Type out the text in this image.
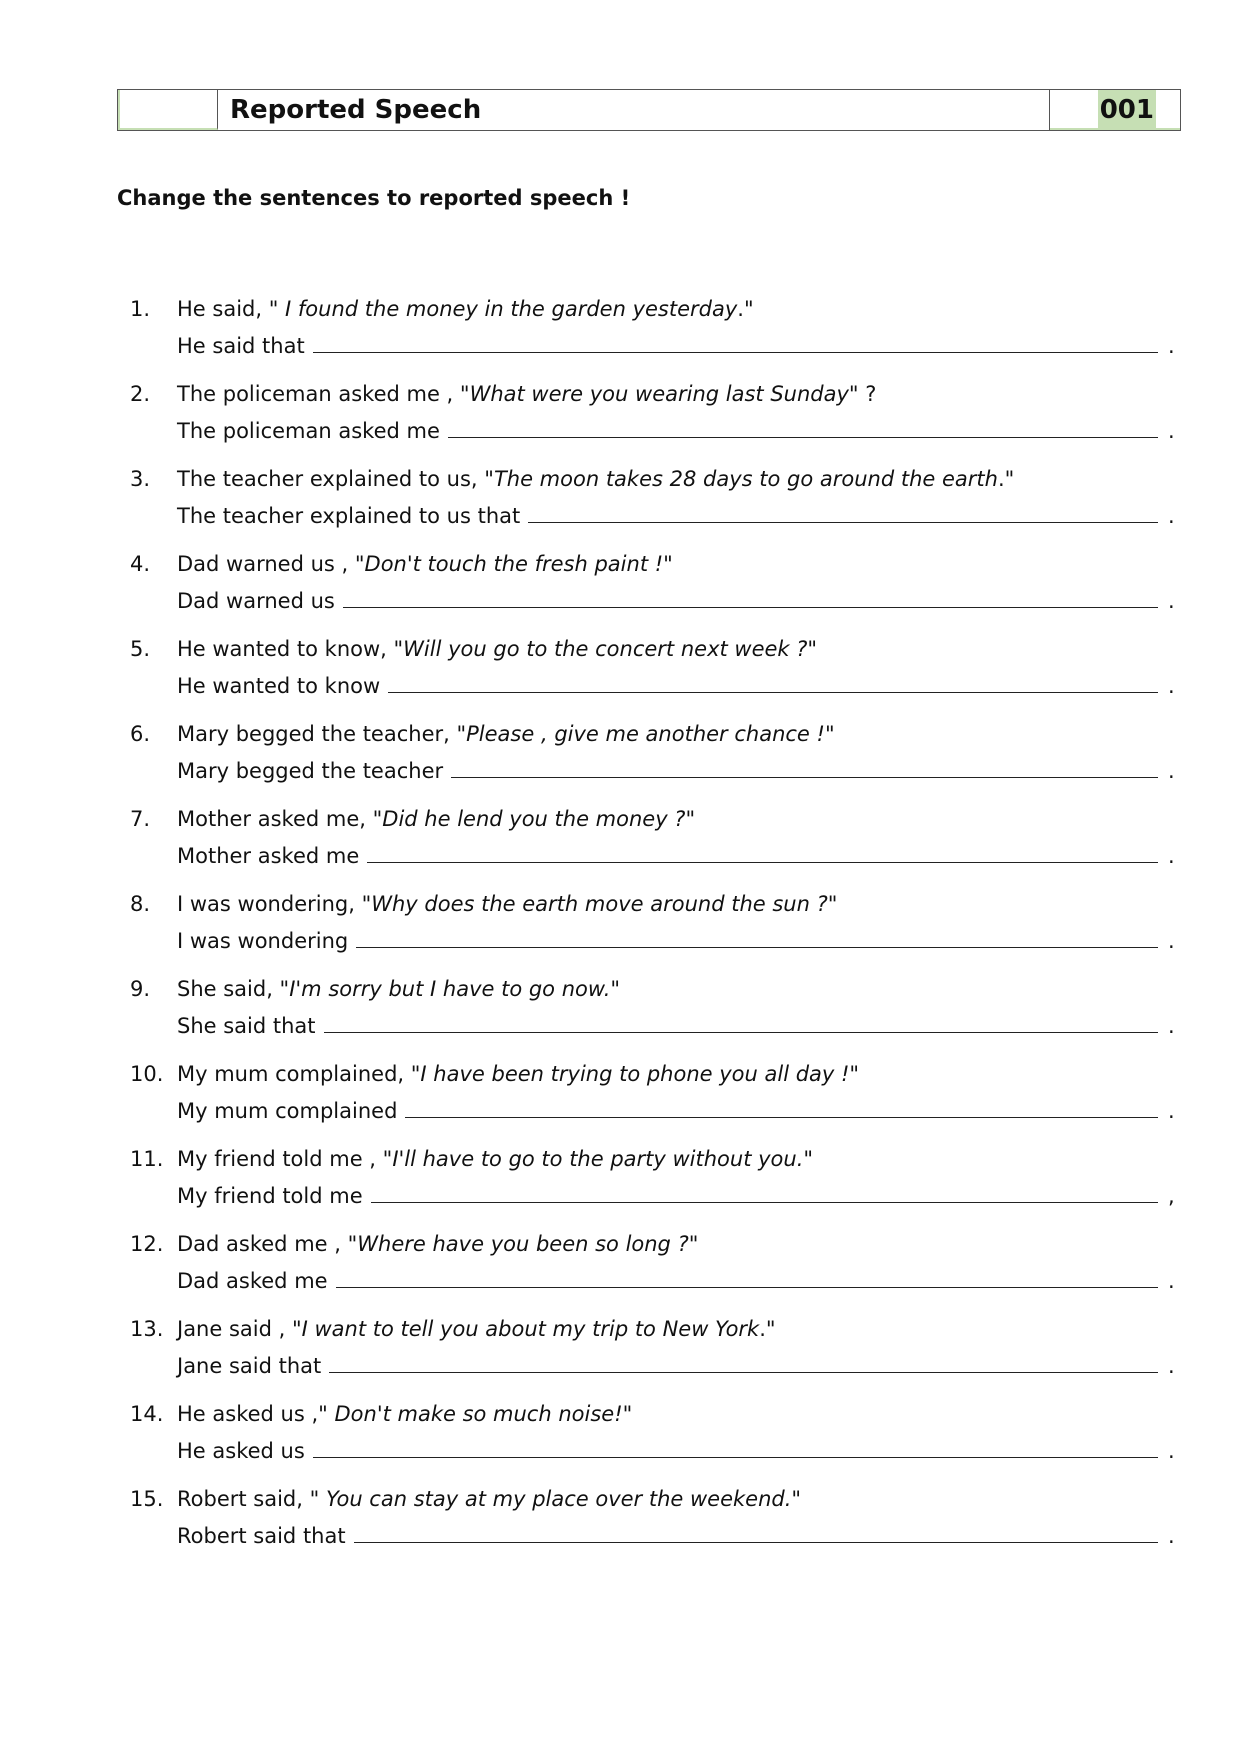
Reported Speech	001
Change the sentences to reported speech !
1.	He said, " I found the money in the garden yesterday."
He said that	.
2.	The policeman asked me , "What were you wearing last Sunday" ?
The policeman asked me	.
3.	The teacher explained to us, "The moon takes 28 days to go around the earth."
The teacher explained to us that	.
4.	Dad warned us , "Don't touch the fresh paint !"
Dad warned us	.
5.	He wanted to know, "Will you go to the concert next week ?"
He wanted to know	.
6.	Mary begged the teacher, "Please , give me another chance !"
Mary begged the teacher	.
7.	Mother asked me, "Did he lend you the money ?"
Mother asked me	.
8.	I was wondering, "Why does the earth move around the sun ?"
I was wondering	.
9.	She said, "I'm sorry but I have to go now."
She said that	.
10. My mum complained, "I have been trying to phone you all day !"
My mum complained	.
11. My friend told me , "I'll have to go to the party without you."
My friend told me	,
12. Dad asked me , "Where have you been so long ?"
Dad asked me	.
13. Jane said , "I want to tell you about my trip to New York."
Jane said that	.
14. He asked us ," Don't make so much noise!"
He asked us	.
15. Robert said, " You can stay at my place over the weekend."
Robert said that	.
